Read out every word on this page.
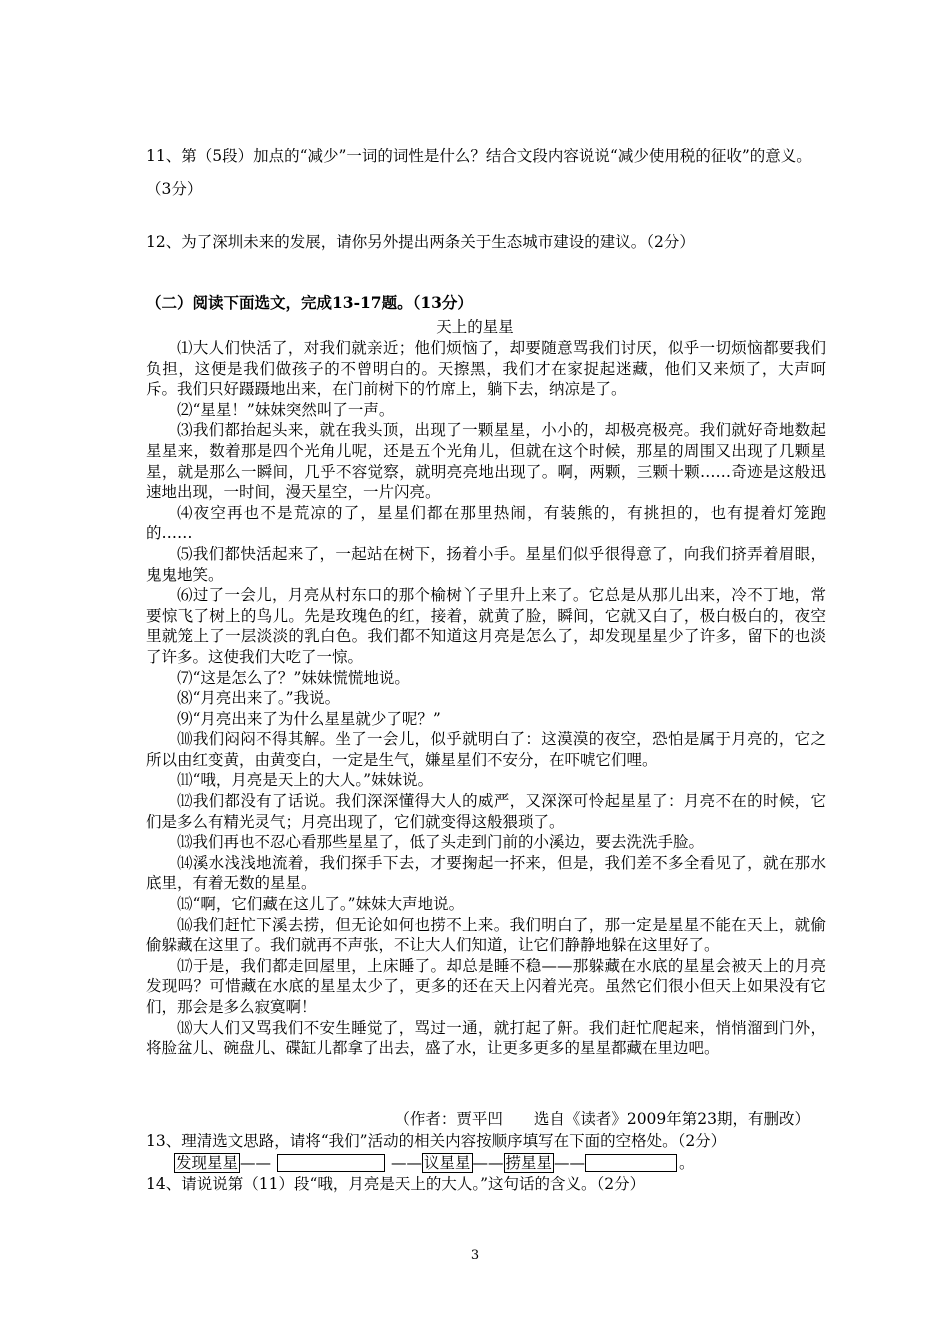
11、第（5段）加点的“减少”一词的词性是什么？结合文段内容说说“减少使用税的征收”的意义。（3分）
12、为了深圳未来的发展，请你另外提出两条关于生态城市建设的建议。（2分）
（二）阅读下面选文，完成13-17题。（13分）
天上的星星

⑴大人们快活了，对我们就亲近；他们烦恼了，却要随意骂我们讨厌，似乎一切烦恼都要我们负担，这便是我们做孩子的不曾明白的。天擦黑，我们才在家捉起迷藏，他们又来烦了，大声呵斥。我们只好蹑蹑地出来，在门前树下的竹席上，躺下去，纳凉是了。

⑵“星星！”妹妹突然叫了一声。

⑶我们都抬起头来，就在我头顶，出现了一颗星星，小小的，却极亮极亮。我们就好奇地数起星星来，数着那是四个光角儿呢，还是五个光角儿，但就在这个时候，那星的周围又出现了几颗星星，就是那么一瞬间，几乎不容觉察，就明亮亮地出现了。啊，两颗，三颗十颗……奇迹是这般迅速地出现，一时间，漫天星空，一片闪亮。

⑷夜空再也不是荒凉的了，星星们都在那里热闹，有装熊的，有挑担的，也有提着灯笼跑的……

⑸我们都快活起来了，一起站在树下，扬着小手。星星们似乎很得意了，向我们挤弄着眉眼，鬼鬼地笑。

⑹过了一会儿，月亮从村东口的那个榆树丫子里升上来了。它总是从那儿出来，冷不丁地，常要惊飞了树上的鸟儿。先是玫瑰色的红，接着，就黄了脸，瞬间，它就又白了，极白极白的，夜空里就笼上了一层淡淡的乳白色。我们都不知道这月亮是怎么了，却发现星星少了许多，留下的也淡了许多。这使我们大吃了一惊。

⑺“这是怎么了？”妹妹慌慌地说。

⑻“月亮出来了。”我说。

⑼“月亮出来了为什么星星就少了呢？”

⑽我们闷闷不得其解。坐了一会儿，似乎就明白了：这漠漠的夜空，恐怕是属于月亮的，它之所以由红变黄，由黄变白，一定是生气，嫌星星们不安分，在吓唬它们哩。

⑾“哦，月亮是天上的大人。”妹妹说。

⑿我们都没有了话说。我们深深懂得大人的威严，又深深可怜起星星了：月亮不在的时候，它们是多么有精光灵气；月亮出现了，它们就变得这般猥琐了。

⒀我们再也不忍心看那些星星了，低了头走到门前的小溪边，要去洗洗手脸。

⒁溪水浅浅地流着，我们探手下去，才要掬起一抔来，但是，我们差不多全看见了，就在那水底里，有着无数的星星。

⒂“啊，它们藏在这儿了。”妹妹大声地说。

⒃我们赶忙下溪去捞，但无论如何也捞不上来。我们明白了，那一定是星星不能在天上，就偷偷躲藏在这里了。我们就再不声张，不让大人们知道，让它们静静地躲在这里好了。

⒄于是，我们都走回屋里，上床睡了。却总是睡不稳——那躲藏在水底的星星会被天上的月亮发现吗？可惜藏在水底的星星太少了，更多的还在天上闪着光亮。虽然它们很小但天上如果没有它们，那会是多么寂寞啊！

⒅大人们又骂我们不安生睡觉了，骂过一通，就打起了鼾。我们赶忙爬起来，悄悄溜到门外，将脸盆儿、碗盘儿、碟缸儿都拿了出去，盛了水，让更多更多的星星都藏在里边吧。

（作者：贾平凹　　选自《读者》2009年第23期，有删改）
13、理清选文思路，请将“我们”活动的相关内容按顺序填写在下面的空格处。（2分）
发现星星 ——	—— 议星星 —— 捞星星 ——	。
14、请说说第（11）段“哦，月亮是天上的大人。”这句话的含义。（2分）
3
